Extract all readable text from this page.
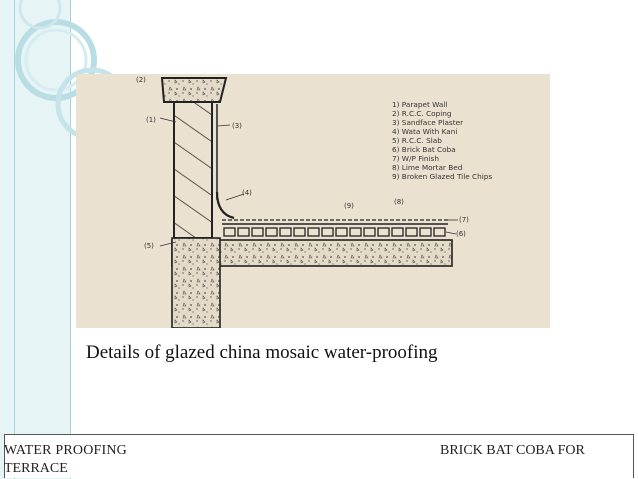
(2)
(1)
(3)
(4)
(5)
(9)	(8)
(7)
(6)
1) Parapet Wall
2) R.C.C. Coping
3) Sandface Plaster
4) Wata With Kani
5) R.C.C. Slab
6) Brick Bat Coba
7) W/P Finish
8) Lime Mortar Bed
9) Broken Glazed Tile Chips
Details of glazed china mosaic water-proofing
WATER PROOFING	BRICK BAT COBA FOR
TERRACE
